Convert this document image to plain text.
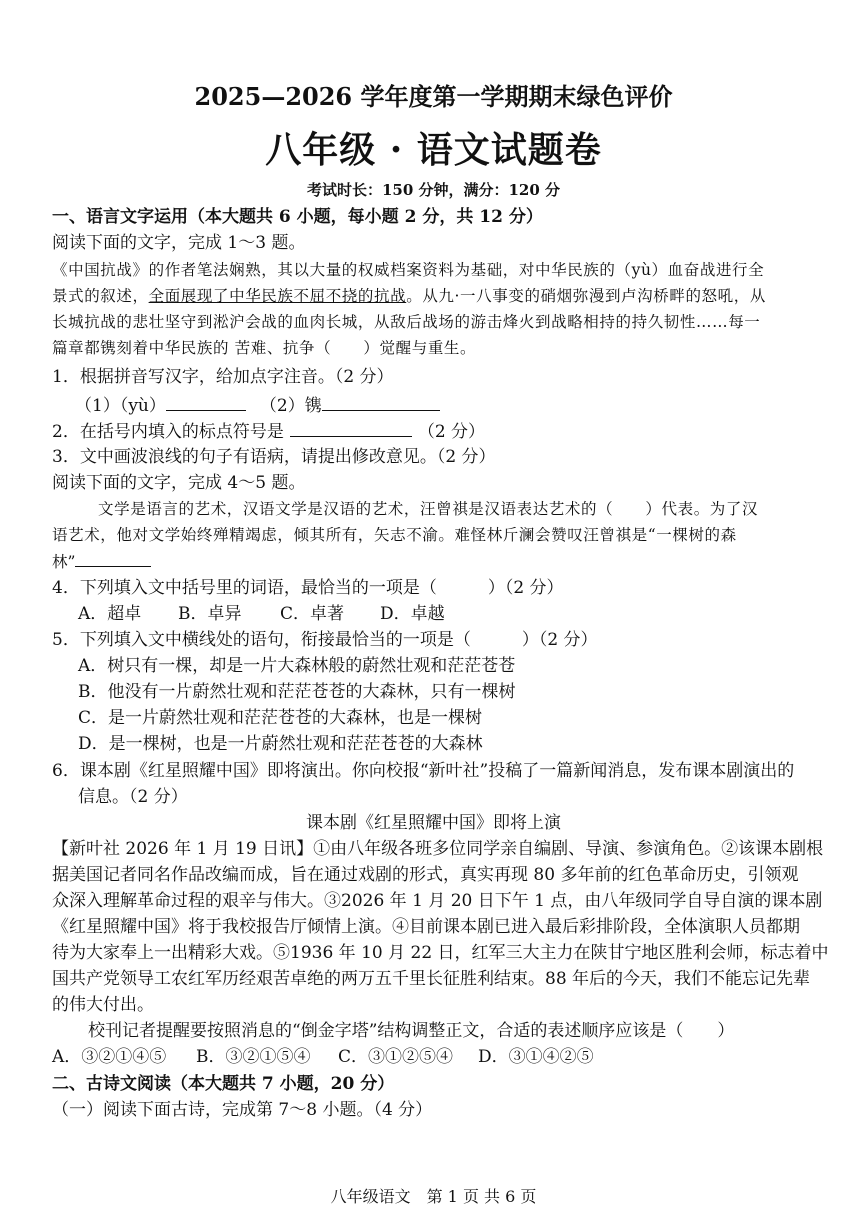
2025—2026 学年度第一学期期末绿色评价
八年级 · 语文试题卷
考试时长：150 分钟，满分：120 分
一、语言文字运用（本大题共 6 小题，每小题 2 分，共 12 分）
阅读下面的文字，完成 1～3 题。
《中国抗战》的作者笔法娴熟，其以大量的权威档案资料为基础，对中华民族的（yù）血奋战进行全
景式的叙述，全面展现了中华民族不屈不挠的抗战。从九·一八事变的硝烟弥漫到卢沟桥畔的怒吼，从
长城抗战的悲壮坚守到淞沪会战的血肉长城，从敌后战场的游击烽火到战略相持的持久韧性……每一
篇章都镌刻着中华民族的 苦难、抗争（　　）觉醒与重生。
1．根据拼音写汉字，给加点字注音。（2 分）
（1）（yù）	（2）镌
2．在括号内填入的标点符号是	（2 分）
3．文中画波浪线的句子有语病，请提出修改意见。（2 分）
阅读下面的文字，完成 4～5 题。
文学是语言的艺术，汉语文学是汉语的艺术，汪曾祺是汉语表达艺术的（　　）代表。为了汉
语艺术，他对文学始终殚精竭虑，倾其所有，矢志不渝。难怪林斤澜会赞叹汪曾祺是“一棵树的森
林”
4．下列填入文中括号里的词语，最恰当的一项是（　　　）（2 分）
A．超卓 B．卓异 C．卓著 D．卓越
5．下列填入文中横线处的语句，衔接最恰当的一项是（　　　）（2 分）
A．树只有一棵，却是一片大森林般的蔚然壮观和茫茫苍苍
B．他没有一片蔚然壮观和茫茫苍苍的大森林，只有一棵树
C．是一片蔚然壮观和茫茫苍苍的大森林，也是一棵树
D．是一棵树，也是一片蔚然壮观和茫茫苍苍的大森林
6．课本剧《红星照耀中国》即将演出。你向校报“新叶社”投稿了一篇新闻消息，发布课本剧演出的
信息。（2 分）
课本剧《红星照耀中国》即将上演
【新叶社 2026 年 1 月 19 日讯】①由八年级各班多位同学亲自编剧、导演、参演角色。②该课本剧根
据美国记者同名作品改编而成，旨在通过戏剧的形式，真实再现 80 多年前的红色革命历史，引领观
众深入理解革命过程的艰辛与伟大。③2026 年 1 月 20 日下午 1 点，由八年级同学自导自演的课本剧
《红星照耀中国》将于我校报告厅倾情上演。④目前课本剧已进入最后彩排阶段，全体演职人员都期
待为大家奉上一出精彩大戏。⑤1936 年 10 月 22 日，红军三大主力在陕甘宁地区胜利会师，标志着中
国共产党领导工农红军历经艰苦卓绝的两万五千里长征胜利结束。88 年后的今天，我们不能忘记先辈
的伟大付出。
校刊记者提醒要按照消息的“倒金字塔”结构调整正文，合适的表述顺序应该是（　　）
A．③②①④⑤ B．③②①⑤④ C．③①②⑤④ D．③①④②⑤
二、古诗文阅读（本大题共 7 小题，20 分）
（一）阅读下面古诗，完成第 7～8 小题。（4 分）
八年级语文　第 1 页 共 6 页
